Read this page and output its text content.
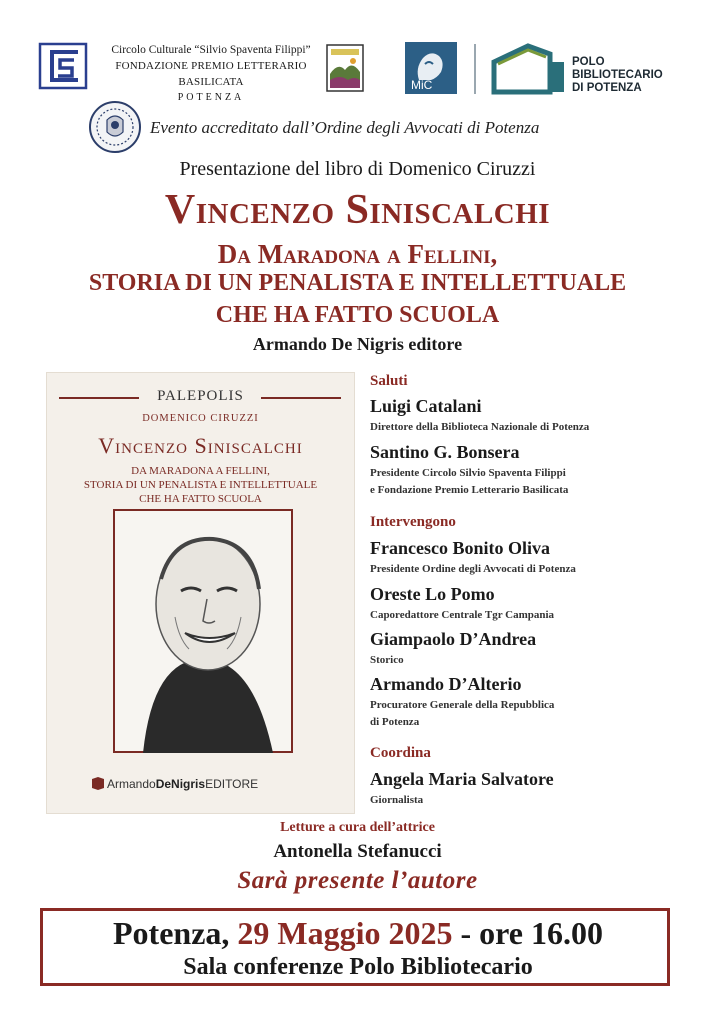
Circolo Culturale “Silvio Spaventa Filippi”
FONDAZIONE PREMIO LETTERARIO BASILICATA
POTENZA
MiC
POLO
BIBLIOTECARIO
DI POTENZA
Evento accreditato dall’Ordine degli Avvocati di Potenza
Presentazione del libro di Domenico Ciruzzi
Vincenzo Siniscalchi
Da Maradona a Fellini,
STORIA DI UN PENALISTA E INTELLETTUALE
CHE HA FATTO SCUOLA
Armando De Nigris editore
PALEPOLIS
DOMENICO CIRUZZI
Vincenzo Siniscalchi
DA MARADONA A FELLINI,
STORIA DI UN PENALISTA E INTELLETTUALE
CHE HA FATTO SCUOLA
ArmandoDeNigrisEDITORE
Saluti
Luigi Catalani
Direttore della Biblioteca Nazionale di Potenza
Santino G. Bonsera
Presidente Circolo Silvio Spaventa Filippi
e Fondazione Premio Letterario Basilicata
Intervengono
Francesco Bonito Oliva
Presidente Ordine degli Avvocati di Potenza
Oreste Lo Pomo
Caporedattore Centrale Tgr Campania
Giampaolo D’Andrea
Storico
Armando D’Alterio
Procuratore Generale della Repubblica
di Potenza
Coordina
Angela Maria Salvatore
Giornalista
Letture a cura dell’attrice
Antonella Stefanucci
Sarà presente l’autore
Potenza, 29 Maggio 2025 - ore 16.00
Sala conferenze Polo Bibliotecario
